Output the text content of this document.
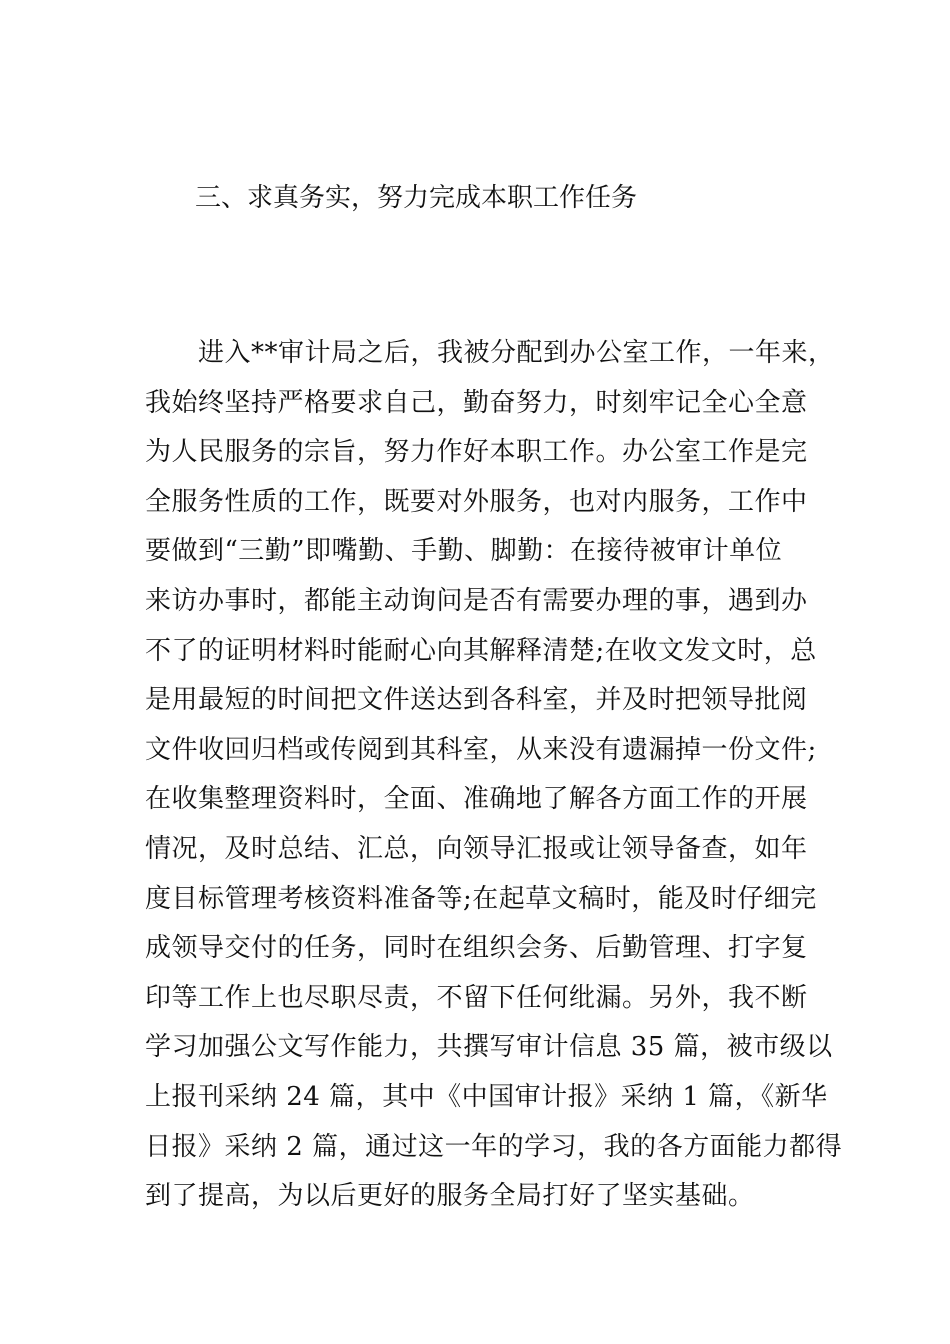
三、求真务实，努力完成本职工作任务
进入**审计局之后，我被分配到办公室工作，一年来，
我始终坚持严格要求自己，勤奋努力，时刻牢记全心全意
为人民服务的宗旨，努力作好本职工作。办公室工作是完
全服务性质的工作，既要对外服务，也对内服务，工作中
要做到“三勤”即嘴勤、手勤、脚勤：在接待被审计单位
来访办事时，都能主动询问是否有需要办理的事，遇到办
不了的证明材料时能耐心向其解释清楚;在收文发文时，总
是用最短的时间把文件送达到各科室，并及时把领导批阅
文件收回归档或传阅到其科室，从来没有遗漏掉一份文件;
在收集整理资料时，全面、准确地了解各方面工作的开展
情况，及时总结、汇总，向领导汇报或让领导备查，如年
度目标管理考核资料准备等;在起草文稿时，能及时仔细完
成领导交付的任务，同时在组织会务、后勤管理、打字复
印等工作上也尽职尽责，不留下任何纰漏。另外，我不断
学习加强公文写作能力，共撰写审计信息 35 篇，被市级以
上报刊采纳 24 篇，其中《中国审计报》采纳 1 篇，《新华
日报》采纳 2 篇，通过这一年的学习，我的各方面能力都得
到了提高，为以后更好的服务全局打好了坚实基础。
